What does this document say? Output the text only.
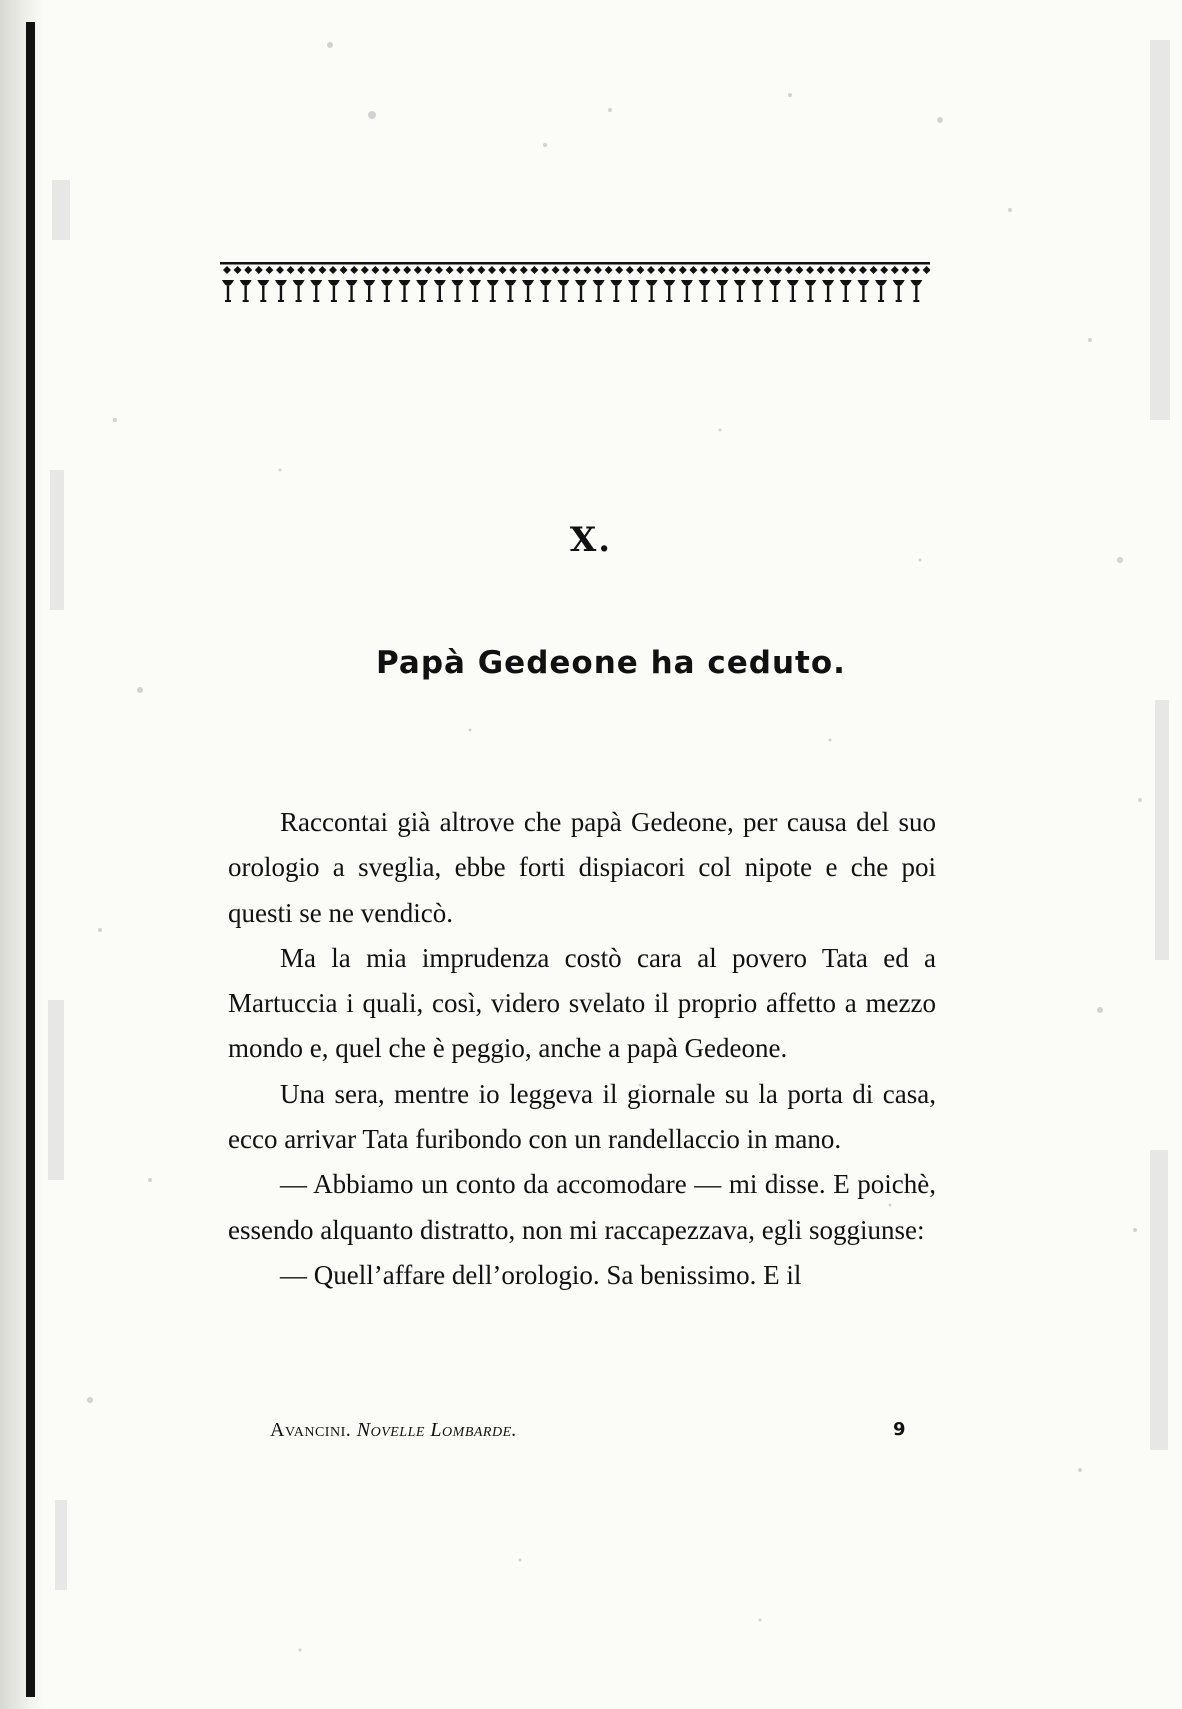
X.
Papà Gedeone ha ceduto.

Raccontai già altrove che papà Gedeone, per causa del suo orologio a sveglia, ebbe forti dispiacori col nipote e che poi questi se ne vendicò.

Ma la mia imprudenza costò cara al povero Tata ed a Martuccia i quali, così, videro svelato il proprio affetto a mezzo mondo e, quel che è peggio, anche a papà Gedeone.

Una sera, mentre io leggeva il giornale su la porta di casa, ecco arrivar Tata furibondo con un randellaccio in mano.

— Abbiamo un conto da accomodare — mi disse. E poichè, essendo alquanto distratto, non mi raccapezzava, egli soggiunse:

— Quell’affare dell’orologio. Sa benissimo. E il

Avancini. Novelle Lombarde.	9
